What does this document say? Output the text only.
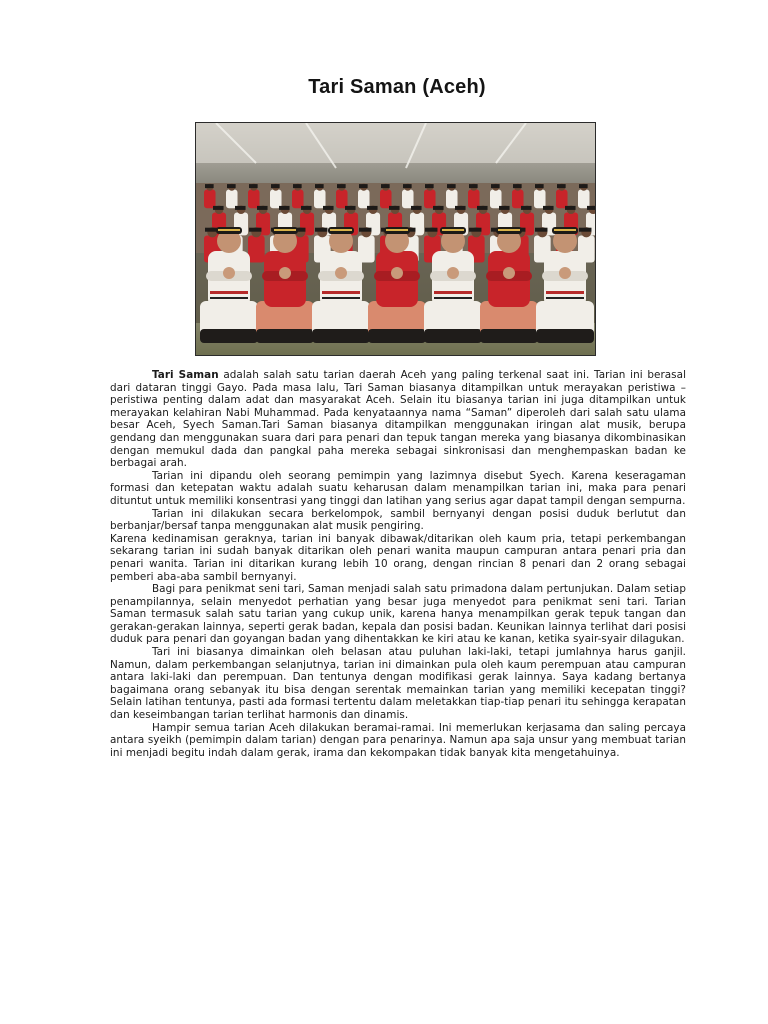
Tari Saman (Aceh)

Tari Saman adalah salah satu tarian daerah Aceh yang paling terkenal saat ini. Tarian ini berasal dari dataran tinggi Gayo. Pada masa lalu, Tari Saman biasanya ditampilkan untuk merayakan peristiwa – peristiwa penting dalam adat dan masyarakat Aceh. Selain itu biasanya tarian ini juga ditampilkan untuk merayakan kelahiran Nabi Muhammad. Pada kenyataannya nama “Saman” diperoleh dari salah satu ulama besar Aceh, Syech Saman.Tari Saman biasanya ditampilkan menggunakan iringan alat musik, berupa gendang dan menggunakan suara dari para penari dan tepuk tangan mereka yang biasanya dikombinasikan dengan memukul dada dan pangkal paha mereka sebagai sinkronisasi dan menghempaskan badan ke berbagai arah.

Tarian ini dipandu oleh seorang pemimpin yang lazimnya disebut Syech. Karena keseragaman formasi dan ketepatan waktu adalah suatu keharusan dalam menampilkan tarian ini, maka para penari dituntut untuk memiliki konsentrasi yang tinggi dan latihan yang serius agar dapat tampil dengan sempurna.

Tarian ini dilakukan secara berkelompok, sambil bernyanyi dengan posisi duduk berlutut dan berbanjar/bersaf tanpa menggunakan alat musik pengiring.

Karena kedinamisan geraknya, tarian ini banyak dibawak/ditarikan oleh kaum pria, tetapi perkembangan sekarang tarian ini sudah banyak ditarikan oleh penari wanita maupun campuran antara penari pria dan penari wanita. Tarian ini ditarikan kurang lebih 10 orang, dengan rincian 8 penari dan 2 orang sebagai pemberi aba-aba sambil bernyanyi.

Bagi para penikmat seni tari, Saman menjadi salah satu primadona dalam pertunjukan. Dalam setiap penampilannya, selain menyedot perhatian yang besar juga menyedot para penikmat seni tari. Tarian Saman termasuk salah satu tarian yang cukup unik, karena hanya menampilkan gerak tepuk tangan dan gerakan-gerakan lainnya, seperti gerak badan, kepala dan posisi badan. Keunikan lainnya terlihat dari posisi duduk para penari dan goyangan badan yang dihentakkan ke kiri atau ke kanan, ketika syair-syair dilagukan.

Tari ini biasanya dimainkan oleh belasan atau puluhan laki-laki, tetapi jumlahnya harus ganjil. Namun, dalam perkembangan selanjutnya, tarian ini dimainkan pula oleh kaum perempuan atau campuran antara laki-laki dan perempuan. Dan tentunya dengan modifikasi gerak lainnya. Saya kadang bertanya bagaimana orang sebanyak itu bisa dengan serentak memainkan tarian yang memiliki kecepatan tinggi? Selain latihan tentunya, pasti ada formasi tertentu dalam meletakkan tiap-tiap penari itu sehingga kerapatan dan keseimbangan tarian terlihat harmonis dan dinamis.

Hampir semua tarian Aceh dilakukan beramai-ramai. Ini memerlukan kerjasama dan saling percaya antara syeikh (pemimpin dalam tarian) dengan para penarinya. Namun apa saja unsur yang membuat tarian ini menjadi begitu indah dalam gerak, irama dan kekompakan tidak banyak kita mengetahuinya.
